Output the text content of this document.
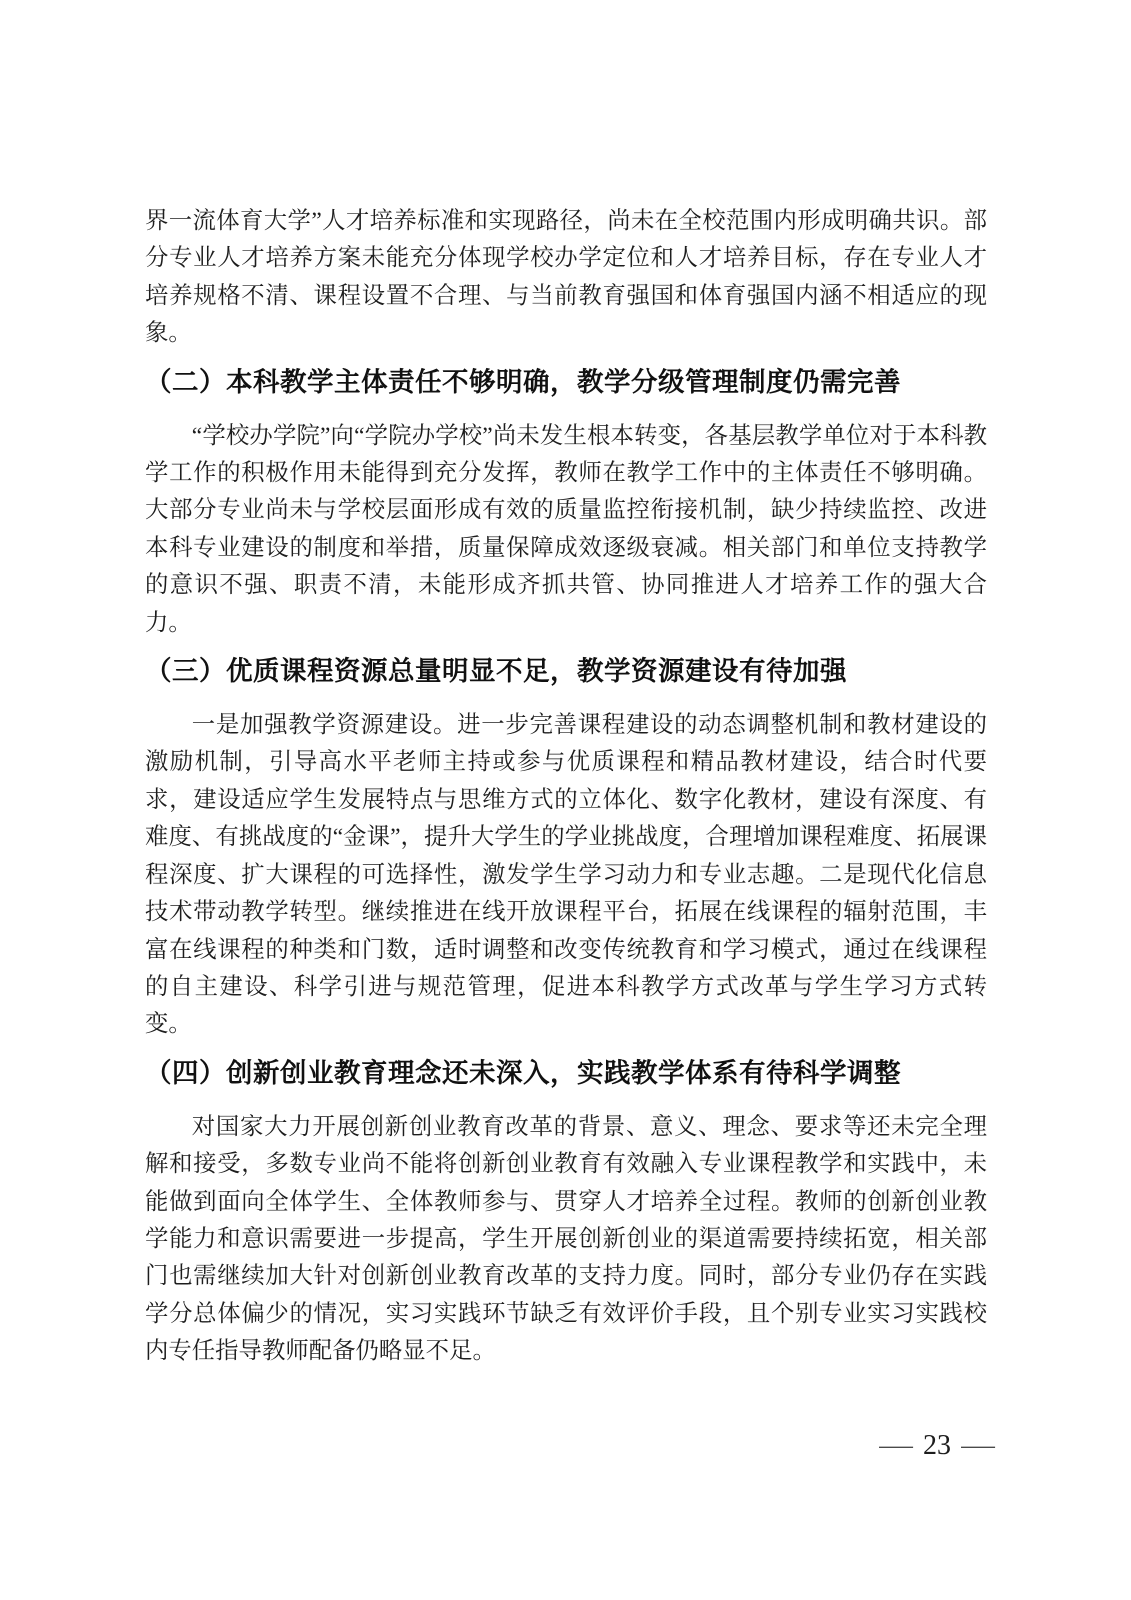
界一流体育大学”人才培养标准和实现路径，尚未在全校范围内形成明确共识。部分专业人才培养方案未能充分体现学校办学定位和人才培养目标，存在专业人才培养规格不清、课程设置不合理、与当前教育强国和体育强国内涵不相适应的现象。

（二）本科教学主体责任不够明确，教学分级管理制度仍需完善

“学校办学院”向“学院办学校”尚未发生根本转变，各基层教学单位对于本科教学工作的积极作用未能得到充分发挥，教师在教学工作中的主体责任不够明确。大部分专业尚未与学校层面形成有效的质量监控衔接机制，缺少持续监控、改进本科专业建设的制度和举措，质量保障成效逐级衰减。相关部门和单位支持教学的意识不强、职责不清，未能形成齐抓共管、协同推进人才培养工作的强大合力。

（三）优质课程资源总量明显不足，教学资源建设有待加强

一是加强教学资源建设。进一步完善课程建设的动态调整机制和教材建设的激励机制，引导高水平老师主持或参与优质课程和精品教材建设，结合时代要求，建设适应学生发展特点与思维方式的立体化、数字化教材，建设有深度、有难度、有挑战度的“金课”，提升大学生的学业挑战度，合理增加课程难度、拓展课程深度、扩大课程的可选择性，激发学生学习动力和专业志趣。二是现代化信息技术带动教学转型。继续推进在线开放课程平台，拓展在线课程的辐射范围，丰富在线课程的种类和门数，适时调整和改变传统教育和学习模式，通过在线课程的自主建设、科学引进与规范管理，促进本科教学方式改革与学生学习方式转变。

（四）创新创业教育理念还未深入，实践教学体系有待科学调整

对国家大力开展创新创业教育改革的背景、意义、理念、要求等还未完全理解和接受，多数专业尚不能将创新创业教育有效融入专业课程教学和实践中，未能做到面向全体学生、全体教师参与、贯穿人才培养全过程。教师的创新创业教学能力和意识需要进一步提高，学生开展创新创业的渠道需要持续拓宽，相关部门也需继续加大针对创新创业教育改革的支持力度。同时，部分专业仍存在实践学分总体偏少的情况，实习实践环节缺乏有效评价手段，且个别专业实习实践校内专任指导教师配备仍略显不足。

— 23 —
